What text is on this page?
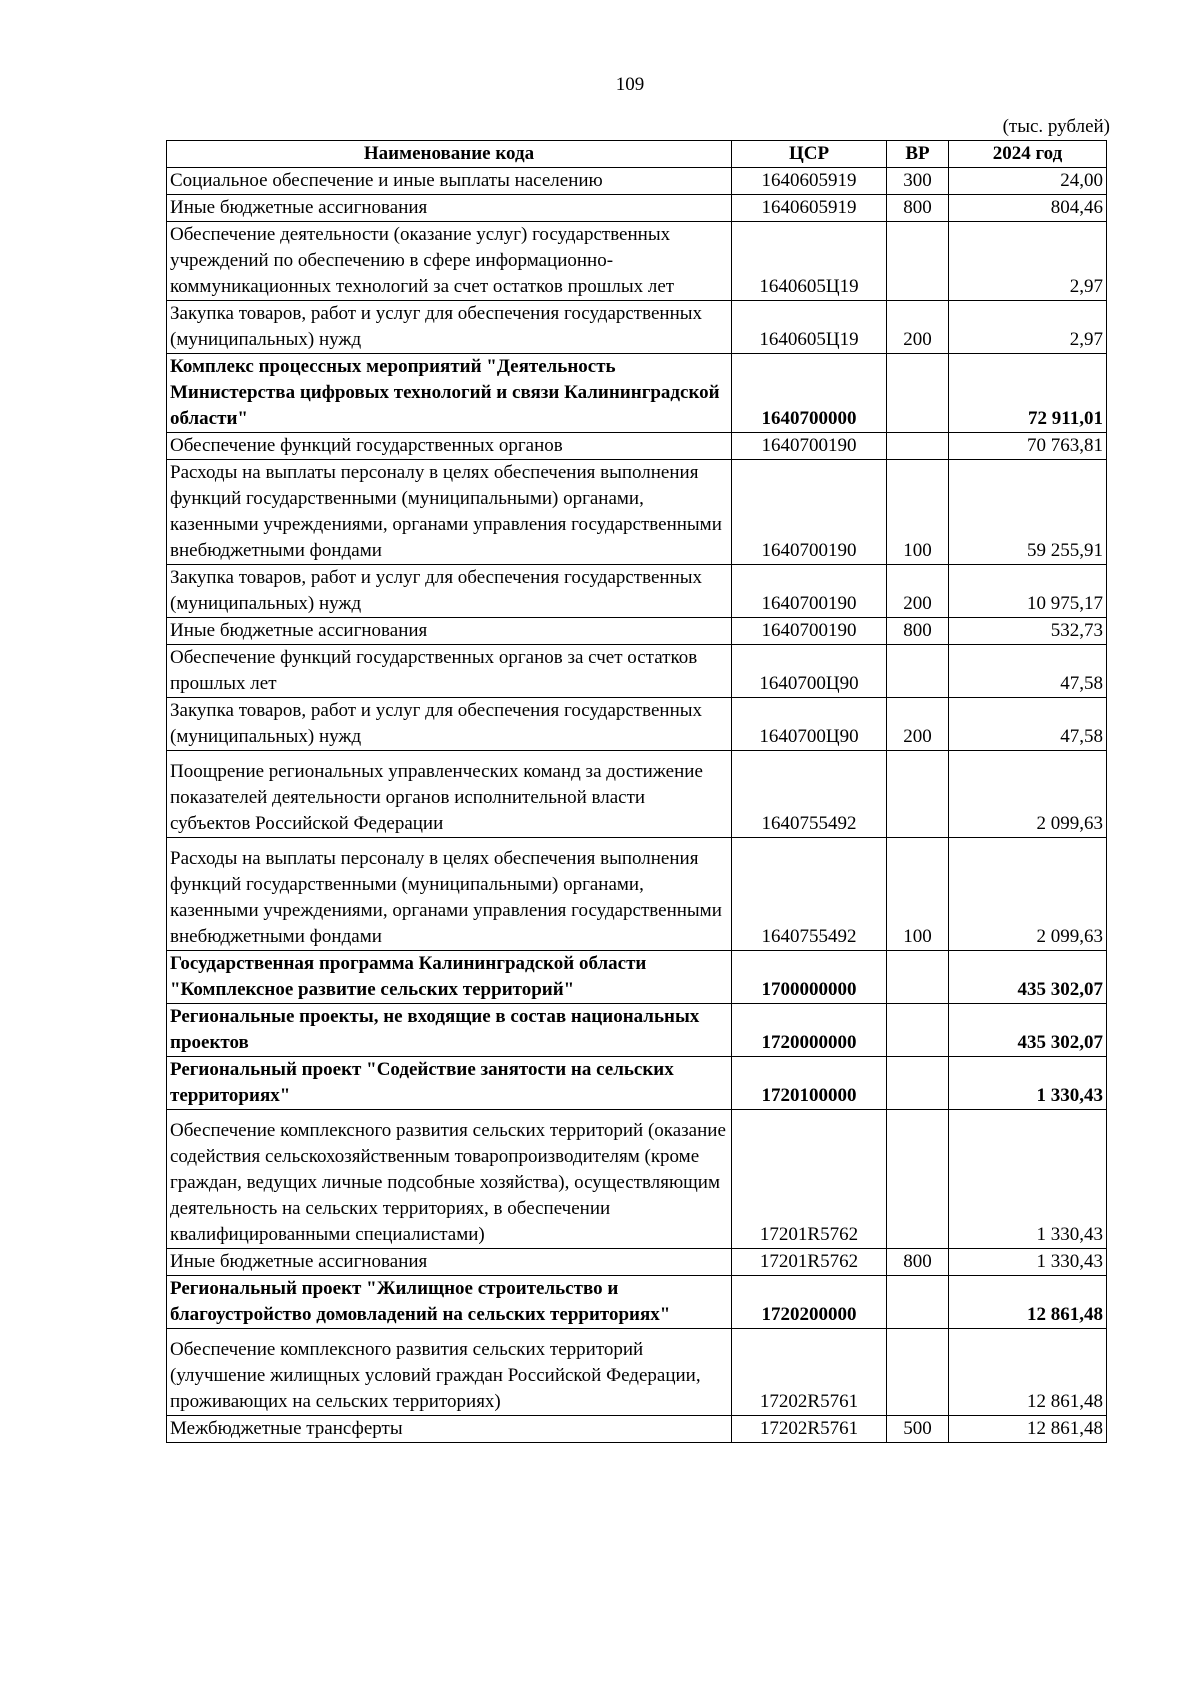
109
(тыс. рублей)
Наименование кода	ЦСР	ВР	2024 год
Социальное обеспечение и иные выплаты населению	1640605919	300	24,00
Иные бюджетные ассигнования	1640605919	800	804,46
Обеспечение деятельности (оказание услуг) государственных учреждений по обеспечению в сфере информационно-коммуникационных технологий за счет остатков прошлых лет	1640605Ц19		2,97
Закупка товаров, работ и услуг для обеспечения государственных (муниципальных) нужд	1640605Ц19	200	2,97
Комплекс процессных мероприятий "Деятельность Министерства цифровых технологий и связи Калининградской области"	1640700000		72 911,01
Обеспечение функций государственных органов	1640700190		70 763,81
Расходы на выплаты персоналу в целях обеспечения выполнения функций государственными (муниципальными) органами, казенными учреждениями, органами управления государственными внебюджетными фондами	1640700190	100	59 255,91
Закупка товаров, работ и услуг для обеспечения государственных (муниципальных) нужд	1640700190	200	10 975,17
Иные бюджетные ассигнования	1640700190	800	532,73
Обеспечение функций государственных органов за счет остатков прошлых лет	1640700Ц90		47,58
Закупка товаров, работ и услуг для обеспечения государственных (муниципальных) нужд	1640700Ц90	200	47,58
Поощрение региональных управленческих команд за достижение показателей деятельности органов исполнительной власти субъектов Российской Федерации	1640755492		2 099,63
Расходы на выплаты персоналу в целях обеспечения выполнения функций государственными (муниципальными) органами, казенными учреждениями, органами управления государственными внебюджетными фондами	1640755492	100	2 099,63
Государственная программа Калининградской области "Комплексное развитие сельских территорий"	1700000000		435 302,07
Региональные проекты, не входящие в состав национальных проектов	1720000000		435 302,07
Региональный проект "Содействие занятости на сельских территориях"	1720100000		1 330,43
Обеспечение комплексного развития сельских территорий (оказание содействия сельскохозяйственным товаропроизводителям (кроме граждан, ведущих личные подсобные хозяйства), осуществляющим деятельность на сельских территориях, в обеспечении квалифицированными специалистами)	17201R5762		1 330,43
Иные бюджетные ассигнования	17201R5762	800	1 330,43
Региональный проект "Жилищное строительство и благоустройство домовладений на сельских территориях"	1720200000		12 861,48
Обеспечение комплексного развития сельских территорий (улучшение жилищных условий граждан Российской Федерации, проживающих на сельских территориях)	17202R5761		12 861,48
Межбюджетные трансферты	17202R5761	500	12 861,48
